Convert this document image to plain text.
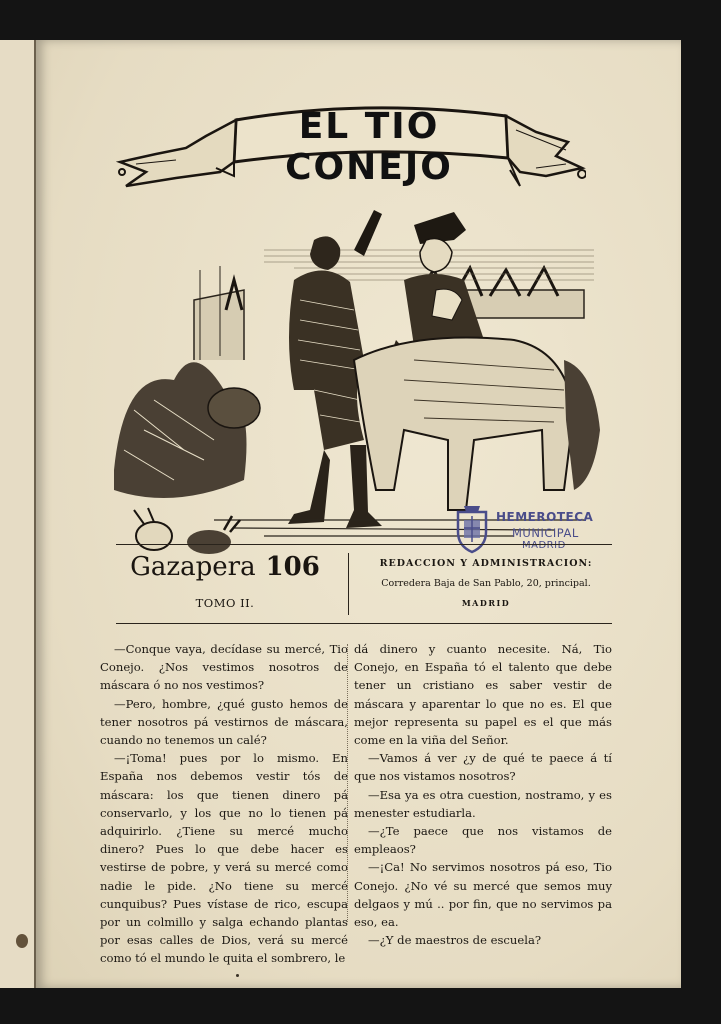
EL TIO CONEJO
HEMEROTECA
MUNICIPAL
MADRID
Gazapera 106
TOMO II.
REDACCION Y ADMINISTRACION:
Corredera Baja de San Pablo, 20, principal.
MADRID

—Conque vaya, decídase su mercé, Tio Conejo. ¿Nos vestimos nosotros de máscara ó no nos vestimos?

—Pero, hombre, ¿qué gusto hemos de tener nosotros pá vestirnos de máscara, cuando no tenemos un calé?

—¡Toma! pues por lo mismo. En España nos debemos vestir tós de máscara: los que tienen dinero pá conservarlo, y los que no lo tienen pá adquirirlo. ¿Tiene su mercé mucho dinero? Pues lo que debe hacer es vestirse de pobre, y verá su mercé como nadie le pide. ¿No tiene su mercé cunquibus? Pues vístase de rico, escupa por un colmillo y salga echando plantas por esas calles de Dios, verá su mercé como tó el mundo le quita el sombrero, le

dá dinero y cuanto necesite. Ná, Tio Conejo, en España tó el talento que debe tener un cristiano es saber vestir de máscara y aparentar lo que no es. El que mejor representa su papel es el que más come en la viña del Señor.

—Vamos á ver ¿y de qué te paece á tí que nos vistamos nosotros?

—Esa ya es otra cuestion, nostramo, y es menester estudiarla.

—¿Te paece que nos vistamos de empleaos?

—¡Ca! No servimos nosotros pá eso, Tio Conejo. ¿No vé su mercé que semos muy delgaos y mú .. por fin, que no servimos pa eso, ea.

—¿Y de maestros de escuela?
